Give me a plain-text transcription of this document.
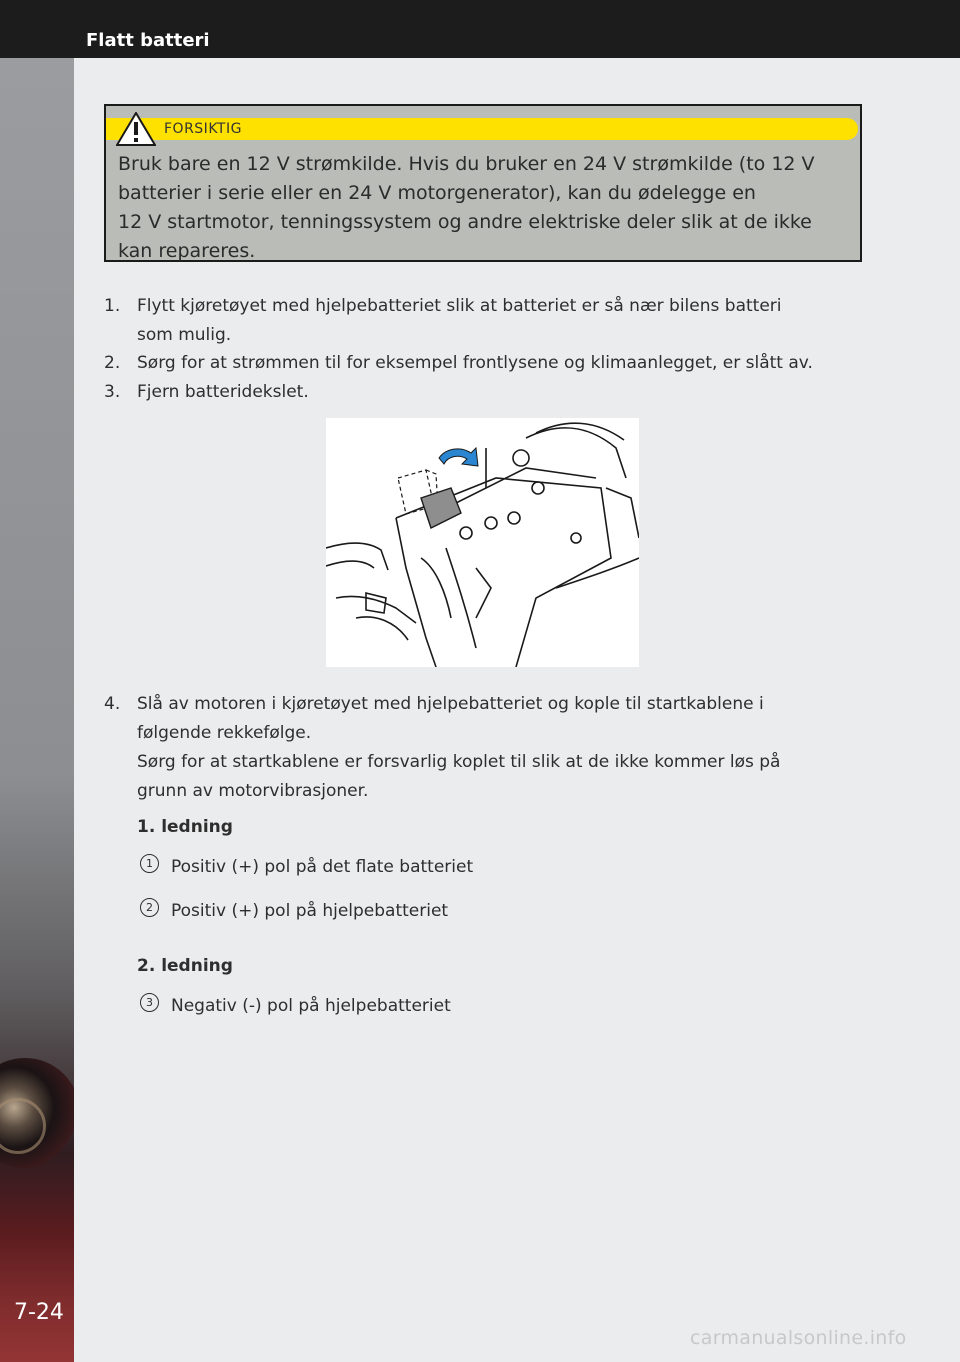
Flatt batteri
7-24
FORSIKTIG
Bruk bare en 12 V strømkilde. Hvis du bruker en 24 V strømkilde (to 12 V
batterier i serie eller en 24 V motorgenerator), kan du ødelegge en
12 V startmotor, tenningssystem og andre elektriske deler slik at de ikke
kan repareres.
1. Flytt kjøretøyet med hjelpebatteriet slik at batteriet er så nær bilens batteri
som mulig.
2. Sørg for at strømmen til for eksempel frontlysene og klimaanlegget, er slått av.
3. Fjern batteridekslet.
4. Slå av motoren i kjøretøyet med hjelpebatteriet og kople til startkablene i
følgende rekkefølge.
Sørg for at startkablene er forsvarlig koplet til slik at de ikke kommer løs på
grunn av motorvibrasjoner.
1. ledning
1	Positiv (+) pol på det flate batteriet
2	Positiv (+) pol på hjelpebatteriet
2. ledning
3	Negativ (-) pol på hjelpebatteriet
carmanualsonline.info
